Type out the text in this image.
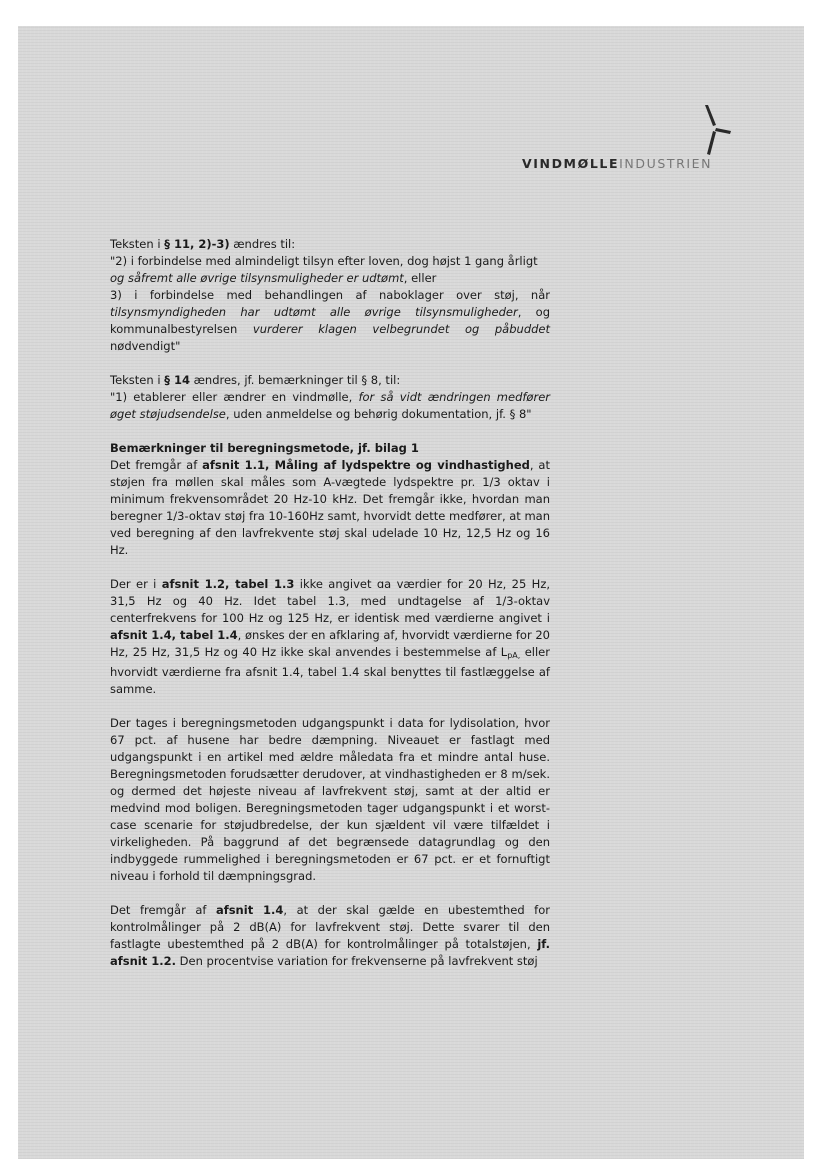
VINDMØLLEINDUSTRIEN

Teksten i § 11, 2)-3) ændres til:
"2) i forbindelse med almindeligt tilsyn efter loven, dog højst 1 gang årligt
og såfremt alle øvrige tilsynsmuligheder er udtømt, eller
3) i forbindelse med behandlingen af naboklager over støj, når
tilsynsmyndigheden har udtømt alle øvrige tilsynsmuligheder, og
kommunalbestyrelsen vurderer klagen velbegrundet og påbuddet
nødvendigt"

Teksten i § 14 ændres, jf. bemærkninger til § 8, til:
"1) etablerer eller ændrer en vindmølle, for så vidt ændringen medfører
øget støjudsendelse, uden anmeldelse og behørig dokumentation, jf. § 8"

Bemærkninger til beregningsmetode, jf. bilag 1
Det fremgår af afsnit 1.1, Måling af lydspektre og vindhastighed, at støjen fra møllen skal måles som A-vægtede lydspektre pr. 1/3 oktav i minimum frekvensområdet 20 Hz-10 kHz. Det fremgår ikke, hvordan man beregner 1/3-oktav støj fra 10-160Hz samt, hvorvidt dette medfører, at man ved beregning af den lavfrekvente støj skal udelade 10 Hz, 12,5 Hz og 16 Hz.

Der er i afsnit 1.2, tabel 1.3 ikke angivet ɑa værdier for 20 Hz, 25 Hz, 31,5 Hz og 40 Hz. Idet tabel 1.3, med undtagelse af 1/3-oktav centerfrekvens for 100 Hz og 125 Hz, er identisk med værdierne angivet i afsnit 1.4, tabel 1.4, ønskes der en afklaring af, hvorvidt værdierne for 20 Hz, 25 Hz, 31,5 Hz og 40 Hz ikke skal anvendes i bestemmelse af $L_{pA,}$ eller hvorvidt værdierne fra afsnit 1.4, tabel 1.4 skal benyttes til fastlæggelse af samme.

Der tages i beregningsmetoden udgangspunkt i data for lydisolation, hvor 67 pct. af husene har bedre dæmpning. Niveauet er fastlagt med udgangspunkt i en artikel med ældre måledata fra et mindre antal huse. Beregningsmetoden forudsætter derudover, at vindhastigheden er 8 m/sek. og dermed det højeste niveau af lavfrekvent støj, samt at der altid er medvind mod boligen. Beregningsmetoden tager udgangspunkt i et worst-case scenarie for støjudbredelse, der kun sjældent vil være tilfældet i virkeligheden. På baggrund af det begrænsede datagrundlag og den indbyggede rummelighed i beregningsmetoden er 67 pct. er et fornuftigt niveau i forhold til dæmpningsgrad.

Det fremgår af afsnit 1.4, at der skal gælde en ubestemthed for kontrolmålinger på 2 dB(A) for lavfrekvent støj. Dette svarer til den fastlagte ubestemthed på 2 dB(A) for kontrolmålinger på totalstøjen, jf. afsnit 1.2. Den procentvise variation for frekvenserne på lavfrekvent støj
